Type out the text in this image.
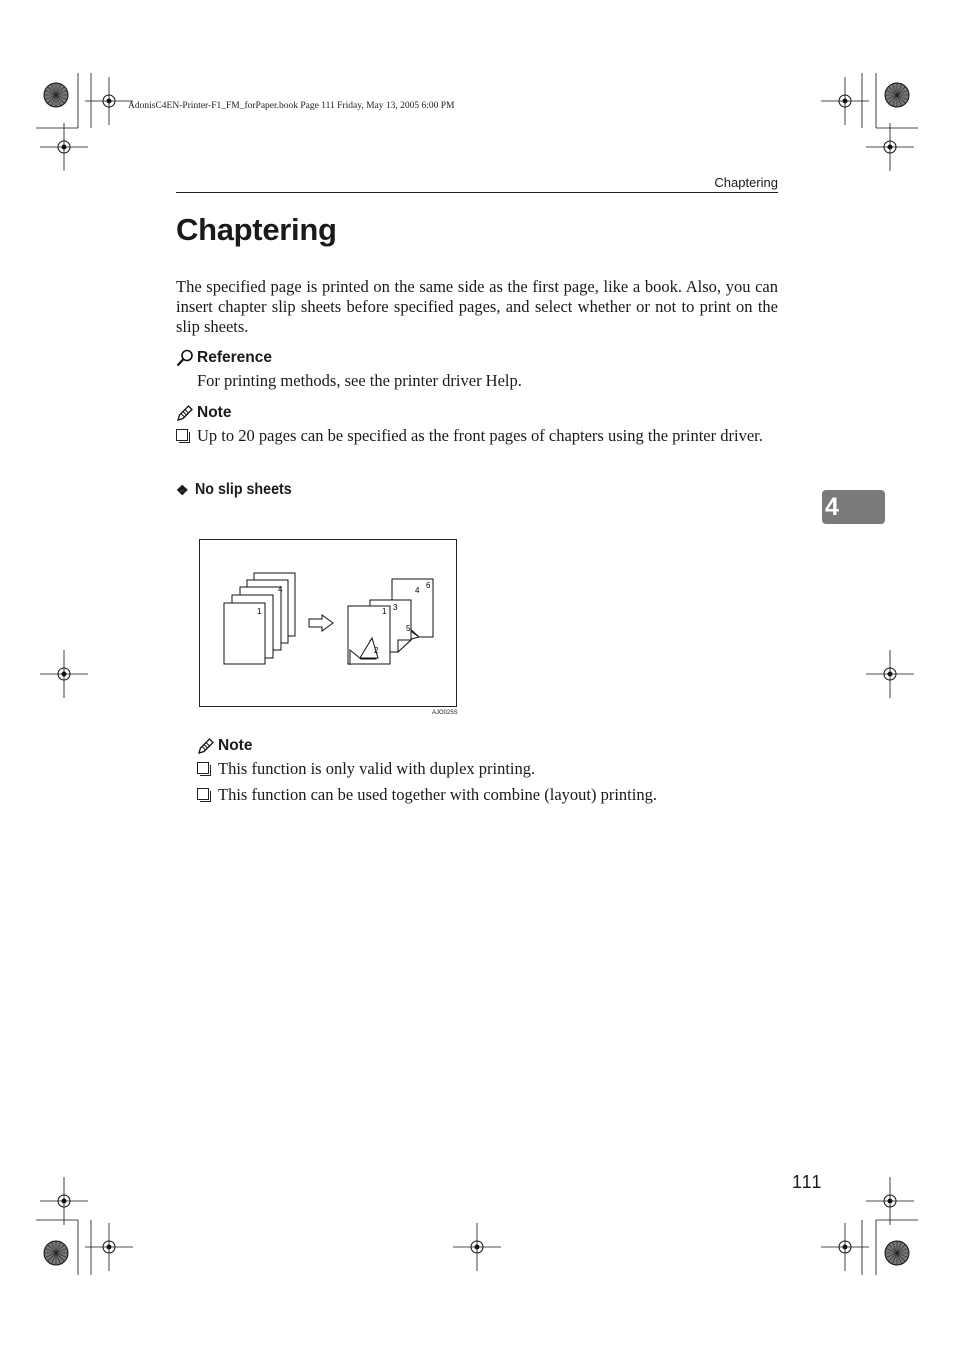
AdonisC4EN-Printer-F1_FM_forPaper.book Page 111 Friday, May 13, 2005 6:00 PM
Chaptering
Chaptering

The specified page is printed on the same side as the first page, like a book. Also, you can insert chapter slip sheets before specified pages, and select whether or not to print on the slip sheets.

Reference
For printing methods, see the printer driver Help.
Note
Up to 20 pages can be specified as the front pages of chapters using the printer driver.
❖ No slip sheets
4
1
6
4
3
1
5
2
AJO025S
Note
This function is only valid with duplex printing.
This function can be used together with combine (layout) printing.
4
111
